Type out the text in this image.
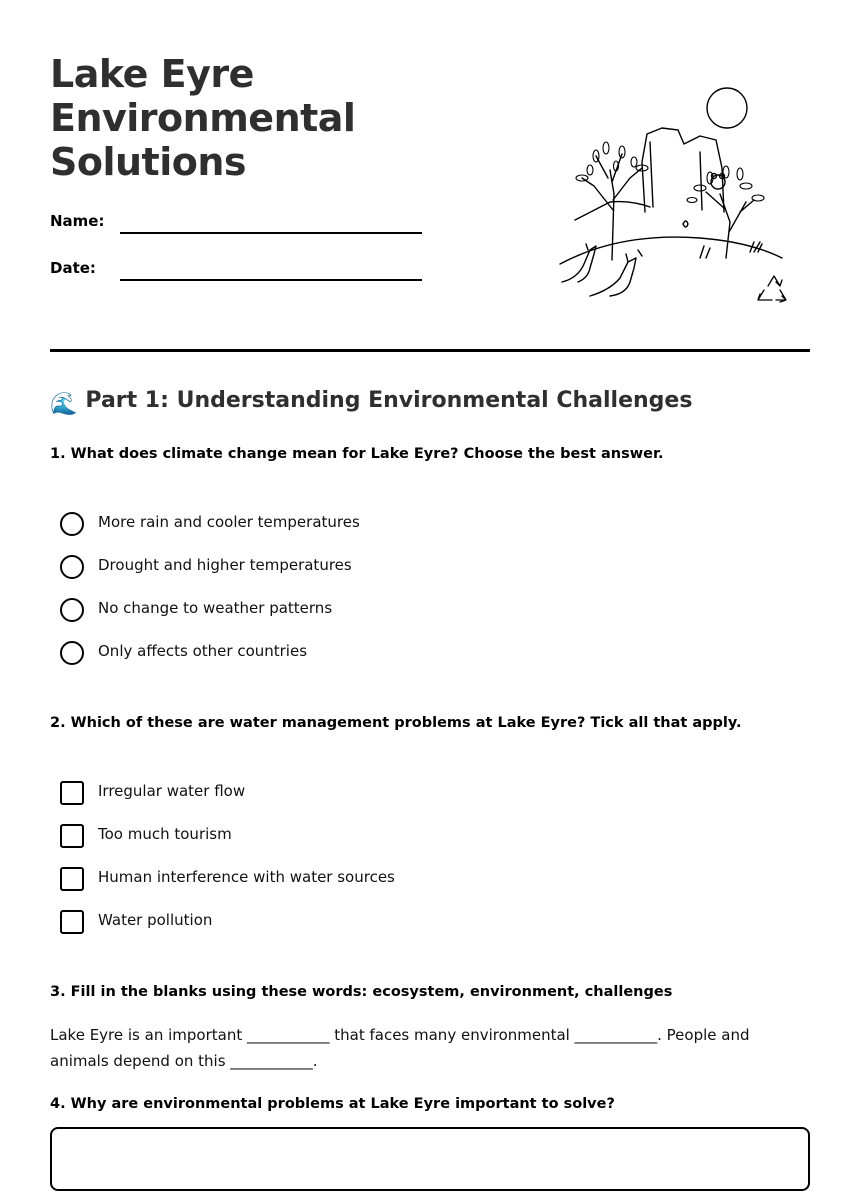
Lake Eyre
Environmental
Solutions
Name:
Date:
🌊 Part 1: Understanding Environmental Challenges

1. What does climate change mean for Lake Eyre? Choose the best answer.

More rain and cooler temperatures
Drought and higher temperatures
No change to weather patterns
Only affects other countries

2. Which of these are water management problems at Lake Eyre? Tick all that apply.

Irregular water flow
Too much tourism
Human interference with water sources
Water pollution

3. Fill in the blanks using these words: ecosystem, environment, challenges

Lake Eyre is an important ___________ that faces many environmental ___________. People and animals depend on this ___________.

4. Why are environmental problems at Lake Eyre important to solve?
